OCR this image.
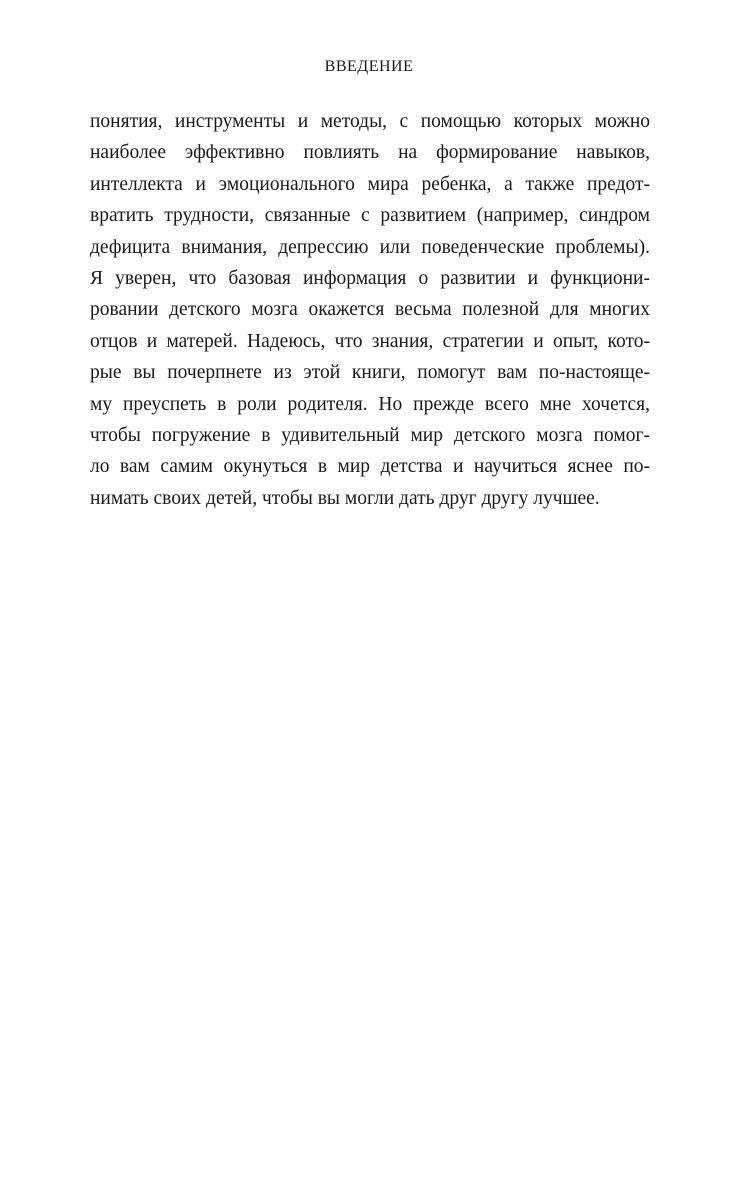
ВВЕДЕНИЕ
понятия, инструменты и методы, с помощью которых можно
наиболее эффективно повлиять на формирование навыков,
интеллекта и эмоционального мира ребенка, а также предот-
вратить трудности, связанные с развитием (например, синдром
дефицита внимания, депрессию или поведенческие проблемы).
Я уверен, что базовая информация о развитии и функциони-
ровании детского мозга окажется весьма полезной для многих
отцов и матерей. Надеюсь, что знания, стратегии и опыт, кото-
рые вы почерпнете из этой книги, помогут вам по-настояще-
му преуспеть в роли родителя. Но прежде всего мне хочется,
чтобы погружение в удивительный мир детского мозга помог-
ло вам самим окунуться в мир детства и научиться яснее по-
нимать своих детей, чтобы вы могли дать друг другу лучшее.
